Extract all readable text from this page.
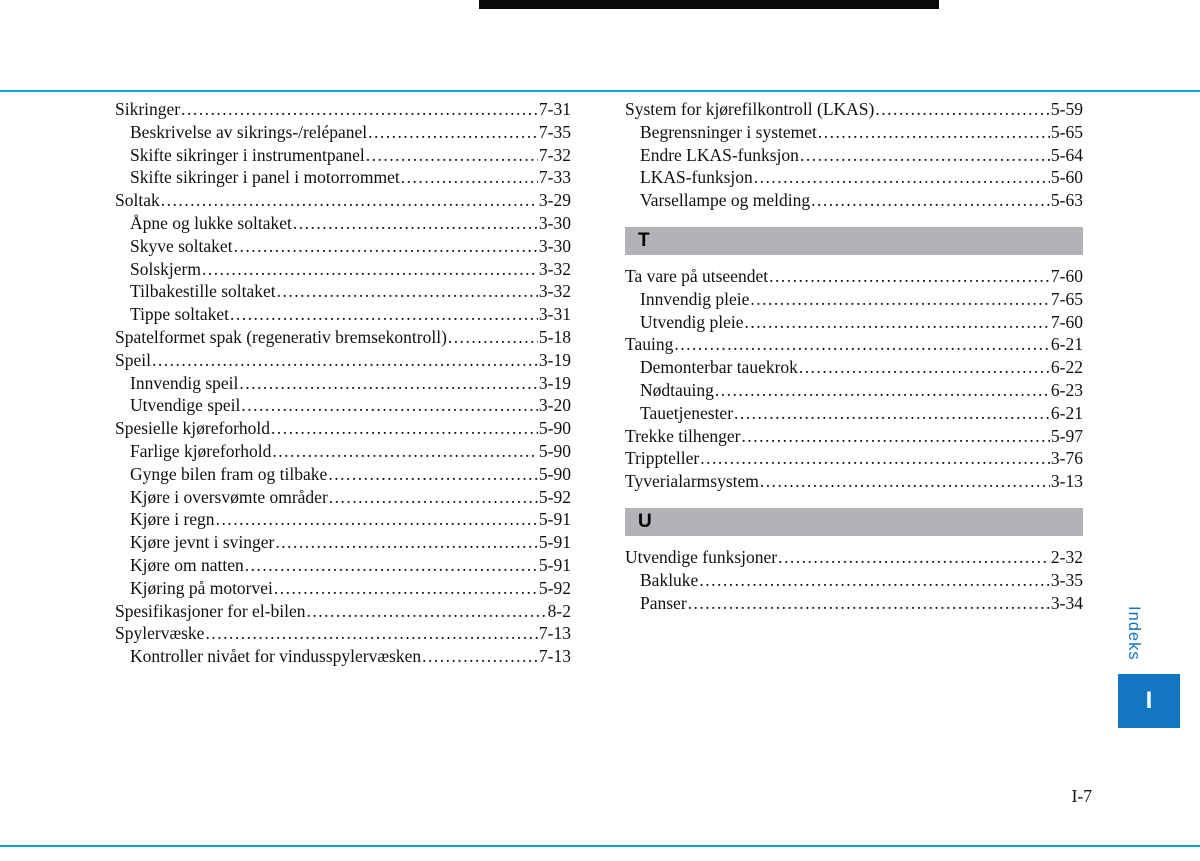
Sikringer .....	7-31
Beskrivelse av sikrings-/relépanel .....	7-35
Skifte sikringer i instrumentpanel .....	7-32
Skifte sikringer i panel i motorrommet .....	7-33
Soltak .....	3-29
Åpne og lukke soltaket .....	3-30
Skyve soltaket .....	3-30
Solskjerm .....	3-32
Tilbakestille soltaket .....	3-32
Tippe soltaket .....	3-31
Spatelformet spak (regenerativ bremsekontroll) .....	5-18
Speil .....	3-19
Innvendig speil .....	3-19
Utvendige speil .....	3-20
Spesielle kjøreforhold .....	5-90
Farlige kjøreforhold .....	5-90
Gynge bilen fram og tilbake .....	5-90
Kjøre i oversvømte områder .....	5-92
Kjøre i regn .....	5-91
Kjøre jevnt i svinger .....	5-91
Kjøre om natten .....	5-91
Kjøring på motorvei .....	5-92
Spesifikasjoner for el-bilen .....	8-2
Spylervæske .....	7-13
Kontroller nivået for vindusspylervæsken .....	7-13
System for kjørefilkontroll (LKAS) .....	5-59
Begrensninger i systemet .....	5-65
Endre LKAS-funksjon .....	5-64
LKAS-funksjon .....	5-60
Varsellampe og melding .....	5-63
T
Ta vare på utseendet .....	7-60
Innvendig pleie .....	7-65
Utvendig pleie .....	7-60
Tauing .....	6-21
Demonterbar tauekrok .....	6-22
Nødtauing .....	6-23
Tauetjenester .....	6-21
Trekke tilhenger .....	5-97
Trippteller .....	3-76
Tyverialarmsystem .....	3-13
U
Utvendige funksjoner .....	2-32
Bakluke .....	3-35
Panser .....	3-34
Indeks
I
I-7
